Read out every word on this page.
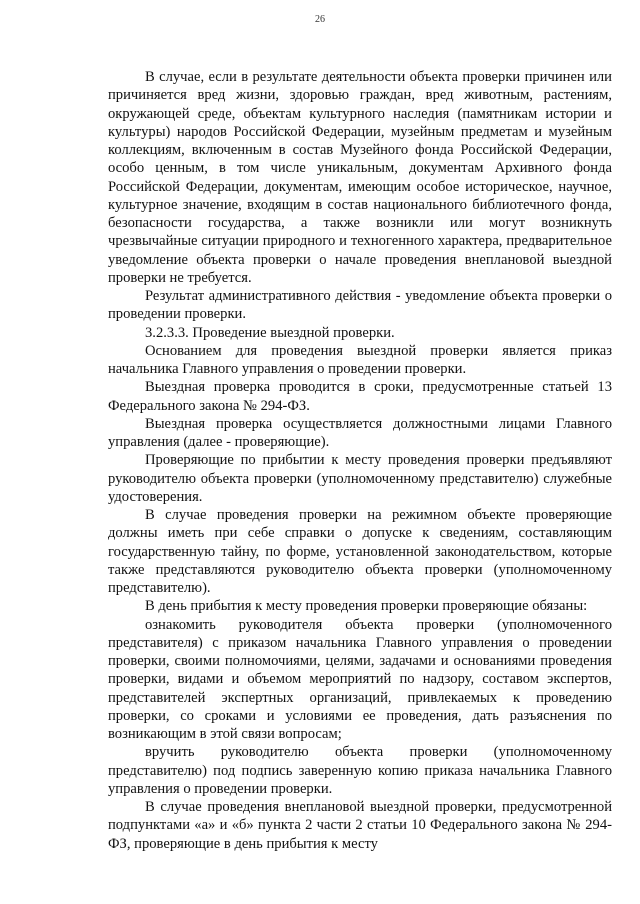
26

В случае, если в результате деятельности объекта проверки причинен или причиняется вред жизни, здоровью граждан, вред животным, растениям, окружающей среде, объектам культурного наследия (памятникам истории и культуры) народов Российской Федерации, музейным предметам и музейным коллекциям, включенным в состав Музейного фонда Российской Федерации, особо ценным, в том числе уникальным, документам Архивного фонда Российской Федерации, документам, имеющим особое историческое, научное, культурное значение, входящим в состав национального библиотечного фонда, безопасности государства, а также возникли или могут возникнуть чрезвычайные ситуации природного и техногенного характера, предварительное уведомление объекта проверки о начале проведения внеплановой выездной проверки не требуется.

Результат административного действия - уведомление объекта проверки о проведении проверки.

3.2.3.3. Проведение выездной проверки.

Основанием для проведения выездной проверки является приказ начальника Главного управления о проведении проверки.

Выездная проверка проводится в сроки, предусмотренные статьей 13 Федерального закона № 294-ФЗ.

Выездная проверка осуществляется должностными лицами Главного управления (далее - проверяющие).

Проверяющие по прибытии к месту проведения проверки предъявляют руководителю объекта проверки (уполномоченному представителю) служебные удостоверения.

В случае проведения проверки на режимном объекте проверяющие должны иметь при себе справки о допуске к сведениям, составляющим государственную тайну, по форме, установленной законодательством, которые также представляются руководителю объекта проверки (уполномоченному представителю).

В день прибытия к месту проведения проверки проверяющие обязаны:

ознакомить руководителя объекта проверки (уполномоченного представителя) с приказом начальника Главного управления о проведении проверки, своими полномочиями, целями, задачами и основаниями проведения проверки, видами и объемом мероприятий по надзору, составом экспертов, представителей экспертных организаций, привлекаемых к проведению проверки, со сроками и условиями ее проведения, дать разъяснения по возникающим в этой связи вопросам;

вручить руководителю объекта проверки (уполномоченному представителю) под подпись заверенную копию приказа начальника Главного управления о проведении проверки.

В случае проведения внеплановой выездной проверки, предусмотренной подпунктами «а» и «б» пункта 2 части 2 статьи 10 Федерального закона № 294-ФЗ, проверяющие в день прибытия к месту
